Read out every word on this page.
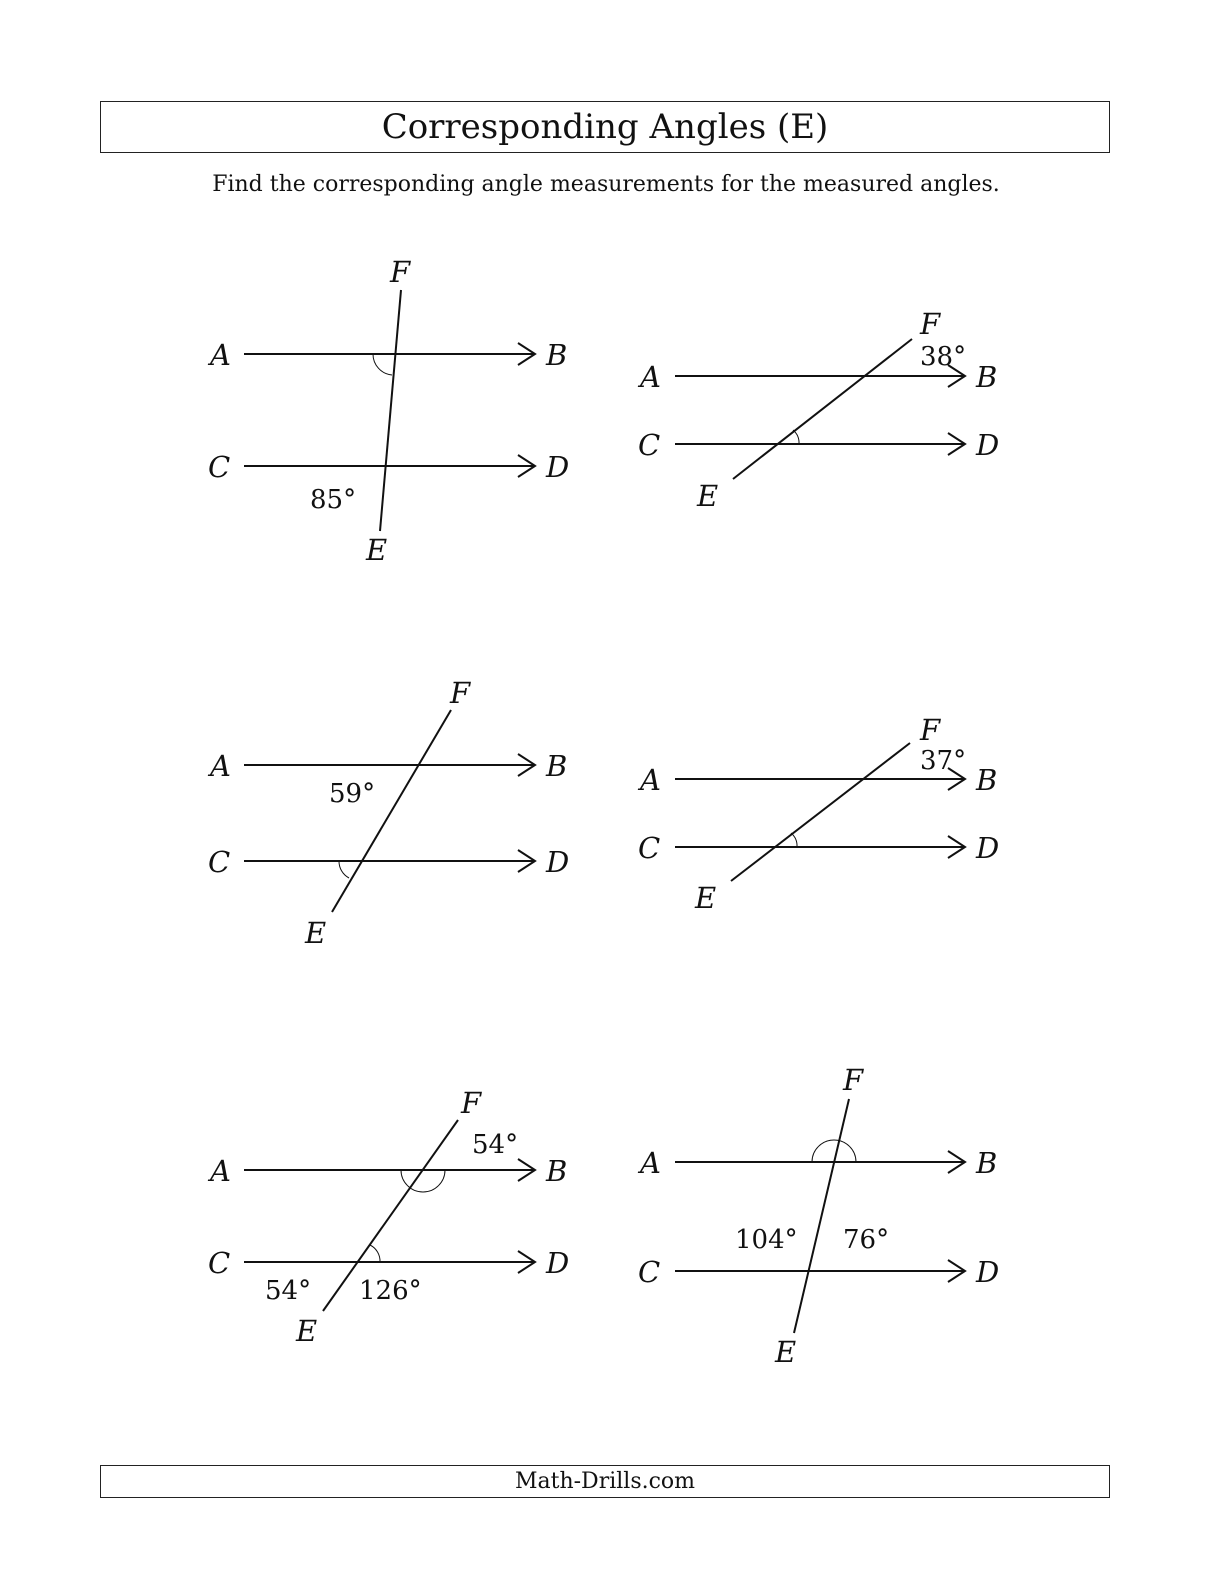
Corresponding Angles (E)
Find the corresponding angle measurements for the measured angles.
A	B
C	D
E
F
85°
A	B
C	D
E
F
38°
A	B
C	D
E
F
59°	A	B
C	D
E
F
37°
A	B
C	D
E
F
54°
54° 126°
A	B
C	D
E
F
104° 76°
Math-Drills.com
